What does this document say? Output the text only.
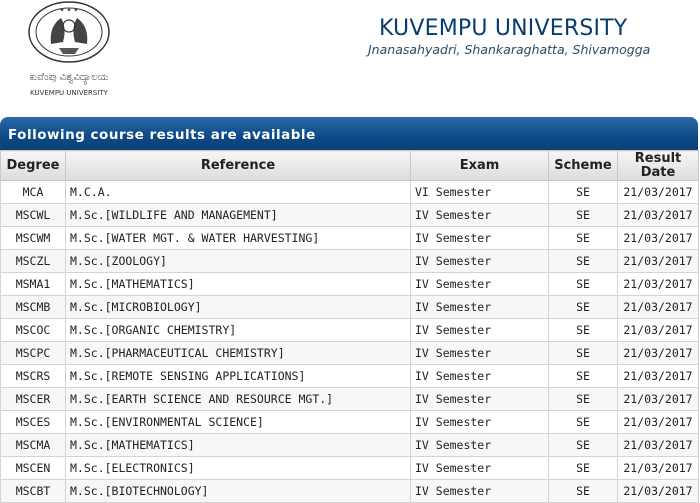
✦ ✦ ✦
ಕುವೆಂಪು ವಿಶ್ವವಿದ್ಯಾಲಯ
KUVEMPU UNIVERSITY
KUVEMPU UNIVERSITY
Jnanasahyadri, Shankaraghatta, Shivamogga
Following course results are available
Degree	Reference	Exam	Scheme	Result
Date
MCA	M.C.A.	VI Semester	SE	21/03/2017
MSCWL	M.Sc.[WILDLIFE AND MANAGEMENT]	IV Semester	SE	21/03/2017
MSCWM	M.Sc.[WATER MGT. & WATER HARVESTING]	IV Semester	SE	21/03/2017
MSCZL	M.Sc.[ZOOLOGY]	IV Semester	SE	21/03/2017
MSMA1	M.Sc.[MATHEMATICS]	IV Semester	SE	21/03/2017
MSCMB	M.Sc.[MICROBIOLOGY]	IV Semester	SE	21/03/2017
MSCOC	M.Sc.[ORGANIC CHEMISTRY]	IV Semester	SE	21/03/2017
MSCPC	M.Sc.[PHARMACEUTICAL CHEMISTRY]	IV Semester	SE	21/03/2017
MSCRS	M.Sc.[REMOTE SENSING APPLICATIONS]	IV Semester	SE	21/03/2017
MSCER	M.Sc.[EARTH SCIENCE AND RESOURCE MGT.]	IV Semester	SE	21/03/2017
MSCES	M.Sc.[ENVIRONMENTAL SCIENCE]	IV Semester	SE	21/03/2017
MSCMA	M.Sc.[MATHEMATICS]	IV Semester	SE	21/03/2017
MSCEN	M.Sc.[ELECTRONICS]	IV Semester	SE	21/03/2017
MSCBT	M.Sc.[BIOTECHNOLOGY]	IV Semester	SE	21/03/2017
